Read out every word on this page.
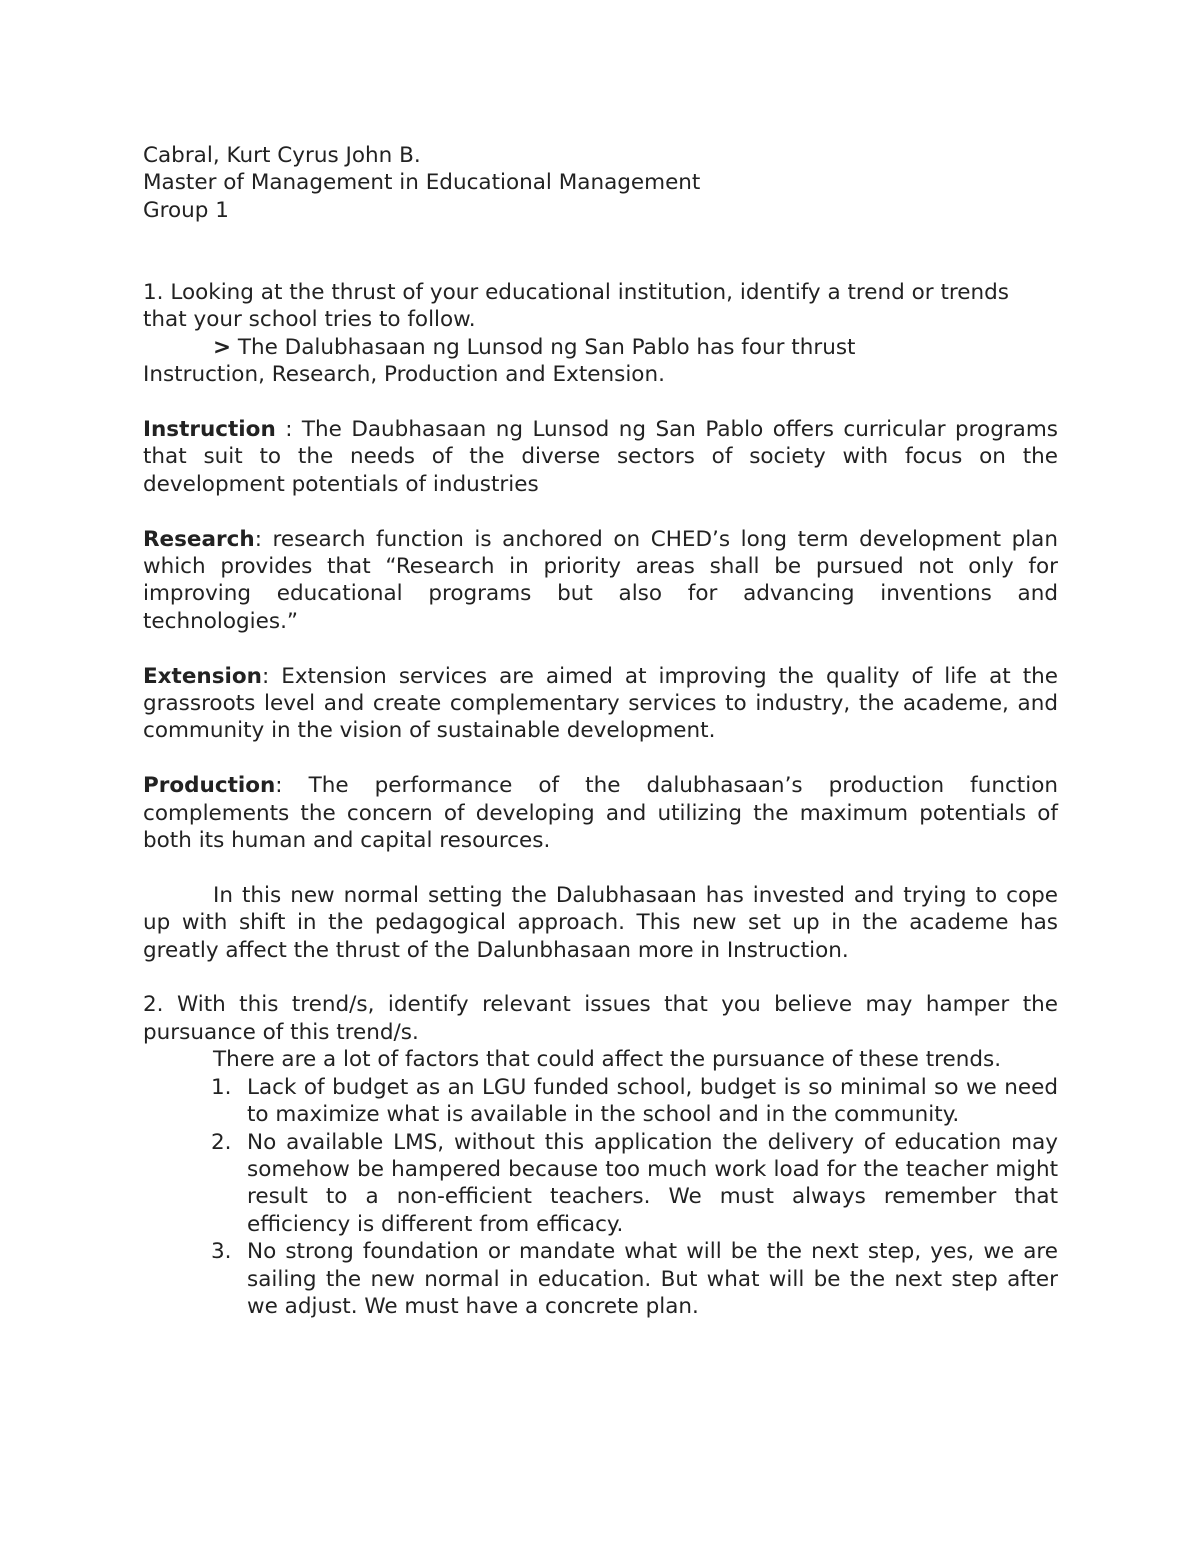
Cabral, Kurt Cyrus John B.

Master of Management in Educational Management

Group 1

1. Looking at the thrust of your educational institution, identify a trend or trends that your school tries to follow.

> The Dalubhasaan ng Lunsod ng San Pablo has four thrust

Instruction, Research, Production and Extension.

Instruction : The Daubhasaan ng Lunsod ng San Pablo offers curricular programs that suit to the needs of the diverse sectors of society with focus on the development potentials of industries

Research: research function is anchored on CHED’s long term development plan which provides that “Research in priority areas shall be pursued not only for improving educational programs but also for advancing inventions and technologies.”

Extension: Extension services are aimed at improving the quality of life at the grassroots level and create complementary services to industry, the academe, and community in the vision of sustainable development.

Production: The performance of the dalubhasaan’s production function complements the concern of developing and utilizing the maximum potentials of both its human and capital resources.

In this new normal setting the Dalubhasaan has invested and trying to cope up with shift in the pedagogical approach. This new set up in the academe has greatly affect the thrust of the Dalunbhasaan more in Instruction.

2. With this trend/s, identify relevant issues that you believe may hamper the pursuance of this trend/s.

There are a lot of factors that could affect the pursuance of these trends.

1. Lack of budget as an LGU funded school, budget is so minimal so we need to maximize what is available in the school and in the community.
2. No available LMS, without this application the delivery of education may somehow be hampered because too much work load for the teacher might result to a non-efficient teachers. We must always remember that efficiency is different from efficacy.
3. No strong foundation or mandate what will be the next step, yes, we are sailing the new normal in education. But what will be the next step after we adjust. We must have a concrete plan.
